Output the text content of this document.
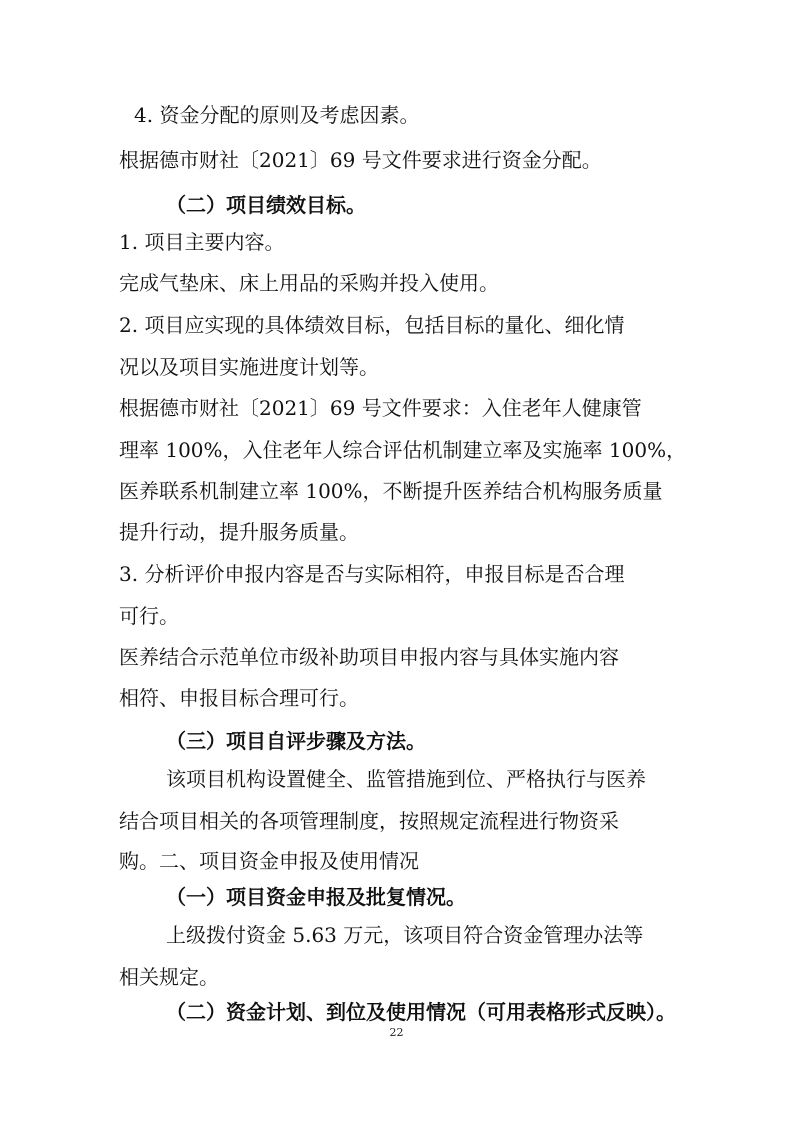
4. 资金分配的原则及考虑因素。
根据德市财社〔2021〕69 号文件要求进行资金分配。
（二）项目绩效目标。
1. 项目主要内容。
完成气垫床、床上用品的采购并投入使用。
2. 项目应实现的具体绩效目标，包括目标的量化、细化情
况以及项目实施进度计划等。
根据德市财社〔2021〕69 号文件要求：入住老年人健康管
理率 100%，入住老年人综合评估机制建立率及实施率 100%，
医养联系机制建立率 100%，不断提升医养结合机构服务质量
提升行动，提升服务质量。
3. 分析评价申报内容是否与实际相符，申报目标是否合理
可行。
医养结合示范单位市级补助项目申报内容与具体实施内容
相符、申报目标合理可行。
（三）项目自评步骤及方法。
该项目机构设置健全、监管措施到位、严格执行与医养
结合项目相关的各项管理制度，按照规定流程进行物资采
购。二、项目资金申报及使用情况
（一）项目资金申报及批复情况。
上级拨付资金 5.63 万元，该项目符合资金管理办法等
相关规定。
（二）资金计划、到位及使用情况（可用表格形式反映）。
22
